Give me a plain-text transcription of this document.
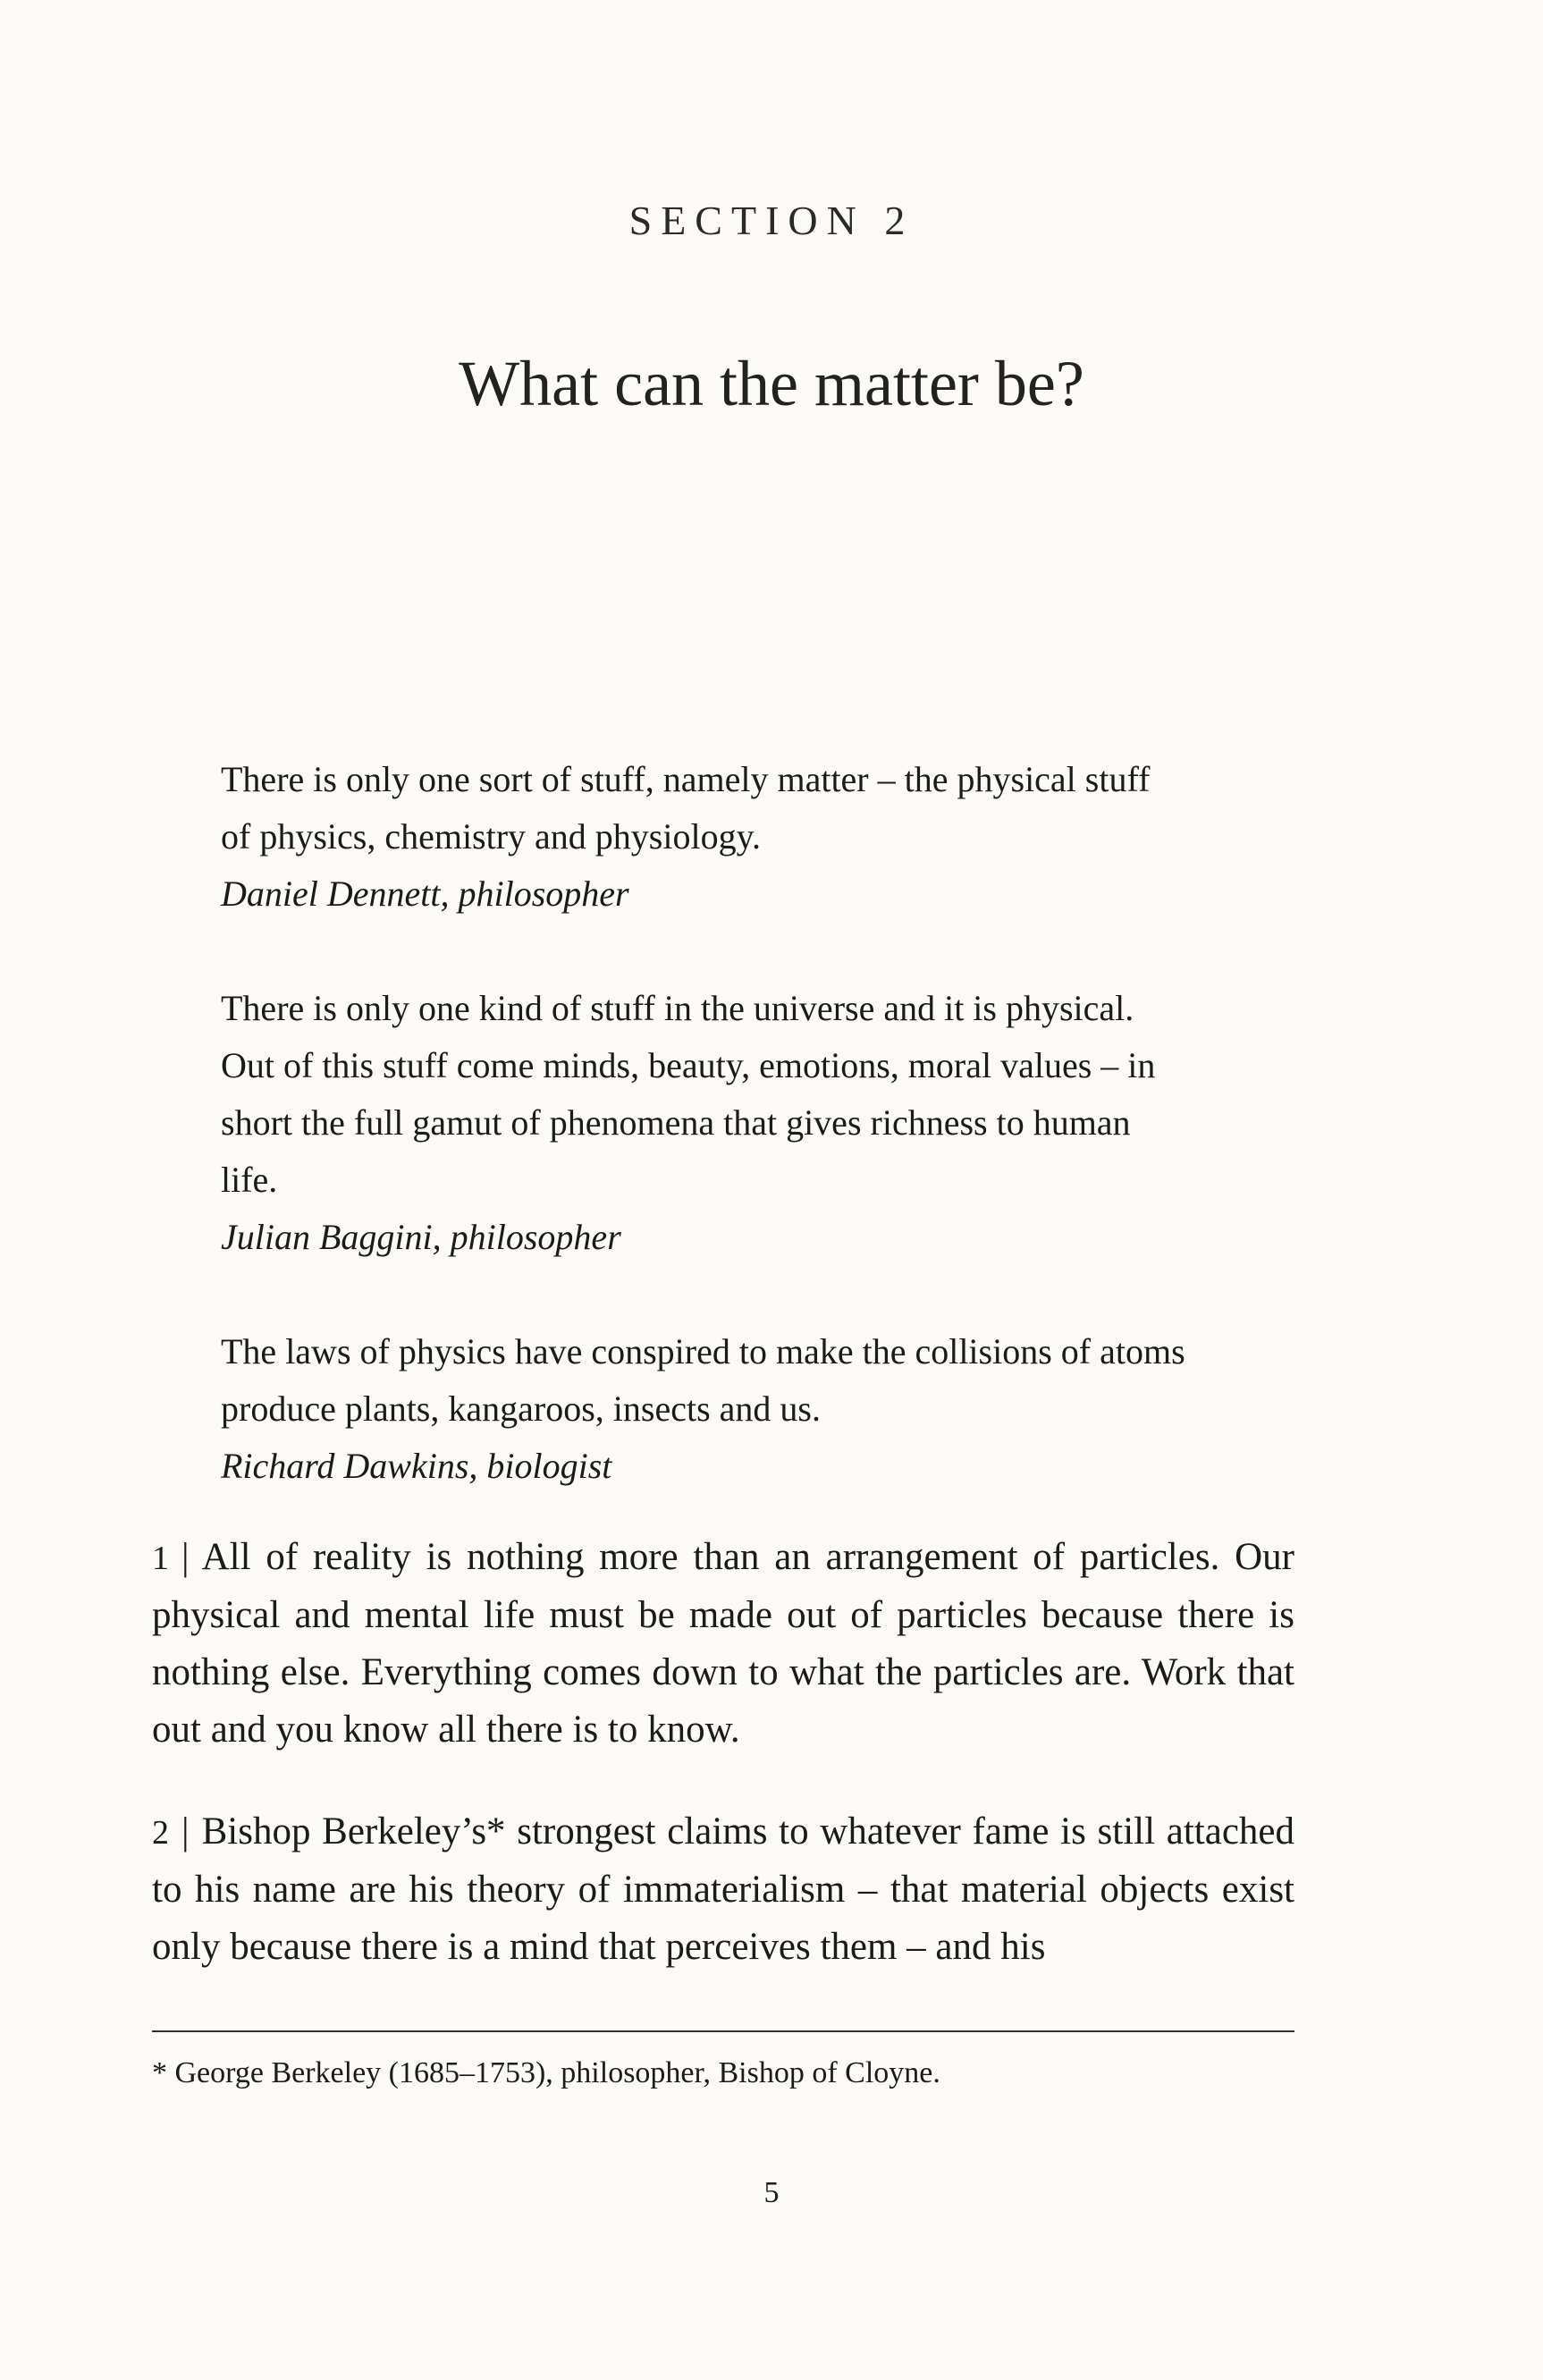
SECTION 2
What can the matter be?

There is only one sort of stuff, namely matter – the physical stuff

of physics, chemistry and physiology.

Daniel Dennett, philosopher

There is only one kind of stuff in the universe and it is physical.

Out of this stuff come minds, beauty, emotions, moral values – in

short the full gamut of phenomena that gives richness to human

life.

Julian Baggini, philosopher

The laws of physics have conspired to make the collisions of atoms

produce plants, kangaroos, insects and us.

Richard Dawkins, biologist

1 | All of reality is nothing more than an arrangement of particles. Our physical and mental life must be made out of particles because there is nothing else. Everything comes down to what the particles are. Work that out and you know all there is to know.

2 | Bishop Berkeley’s* strongest claims to whatever fame is still attached to his name are his theory of immaterialism – that material objects exist only because there is a mind that perceives them – and his

* George Berkeley (1685–1753), philosopher, Bishop of Cloyne.
5
